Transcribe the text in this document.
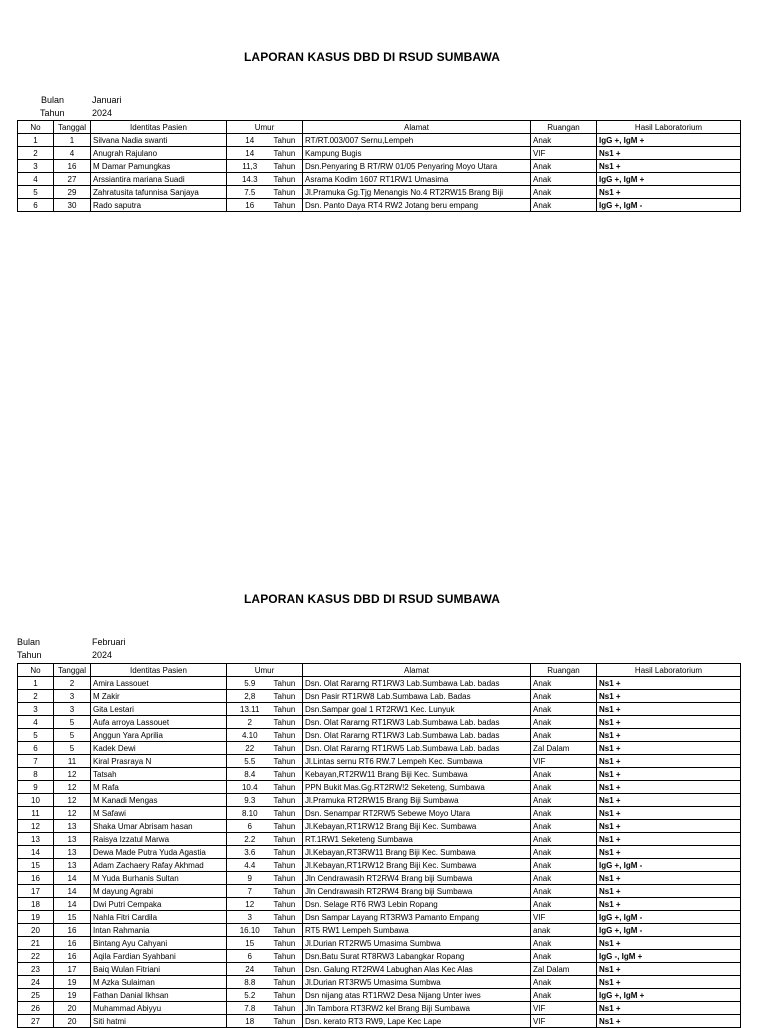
LAPORAN KASUS DBD DI RSUD SUMBAWA
Bulan	Januari
Tahun	2024
No	Tanggal	Identitas Pasien	Umur		Alamat	Ruangan	Hasil Laboratorium
1	1	Silvana Nadia swanti	14	Tahun	RT/RT.003/007 Sernu,Lempeh	Anak	IgG +, IgM +
2	4	Anugrah Rajulano	14	Tahun	Kampung Bugis	VIF	Ns1 +
3	16	M Damar Pamungkas	11,3	Tahun	Dsn.Penyaring B RT/RW 01/05 Penyaring Moyo Utara	Anak	Ns1 +
4	27	Arssiantira mariana Suadi	14.3	Tahun	Asrama Kodim 1607 RT1RW1 Umasima	Anak	IgG +, IgM +
5	29	Zahratusita tafunnisa Sanjaya	7.5	Tahun	Jl.Pramuka Gg.Tjg Menangis No.4 RT2RW15 Brang Biji	Anak	Ns1 +
6	30	Rado saputra	16	Tahun	Dsn. Panto Daya RT4 RW2 Jotang beru empang	Anak	IgG +, IgM -
LAPORAN KASUS DBD DI RSUD SUMBAWA
Bulan	Februari
Tahun	2024
No	Tanggal	Identitas Pasien	Umur		Alamat	Ruangan	Hasil Laboratorium
1	2	Amira Lassouet	5.9	Tahun	Dsn. Olat Rararng RT1RW3 Lab.Sumbawa Lab. badas	Anak	Ns1 +
2	3	M Zakir	2,8	Tahun	Dsn Pasir RT1RW8 Lab.Sumbawa Lab. Badas	Anak	Ns1 +
3	3	Gita Lestari	13.11	Tahun	Dsn.Sampar goal 1 RT2RW1 Kec. Lunyuk	Anak	Ns1 +
4	5	Aufa arroya Lassouet	2	Tahun	Dsn. Olat Rararng RT1RW3 Lab.Sumbawa Lab. badas	Anak	Ns1 +
5	5	Anggun Yara Aprilia	4.10	Tahun	Dsn. Olat Rararng RT1RW3 Lab.Sumbawa Lab. badas	Anak	Ns1 +
6	5	Kadek Dewi	22	Tahun	Dsn. Olat Rararng RT1RW5 Lab.Sumbawa Lab. badas	Zal Dalam	Ns1 +
7	11	Kiral Prasraya N	5.5	Tahun	Jl.Lintas sernu RT6 RW.7 Lempeh Kec. Sumbawa	VIF	Ns1 +
8	12	Tatsah	8.4	Tahun	Kebayan,RT2RW11 Brang Biji Kec. Sumbawa	Anak	Ns1 +
9	12	M Rafa	10.4	Tahun	PPN Bukit Mas.Gg.RT2RW!2 Seketeng, Sumbawa	Anak	Ns1 +
10	12	M Kanadi Mengas	9.3	Tahun	Jl.Pramuka RT2RW15 Brang Biji Sumbawa	Anak	Ns1 +
11	12	M Safawi	8.10	Tahun	Dsn. Senampar RT2RW5 Sebewe Moyo Utara	Anak	Ns1 +
12	13	Shaka Umar Abrisam hasan	6	Tahun	Jl.Kebayan,RT1RW12 Brang Biji Kec. Sumbawa	Anak	Ns1 +
13	13	Raisya Izzatul Marwa	2.2	Tahun	RT.1RW1 Seketeng Sumbawa	Anak	Ns1 +
14	13	Dewa Made Putra Yuda Agastia	3.6	Tahun	Jl.Kebayan,RT3RW11 Brang Biji Kec. Sumbawa	Anak	Ns1 +
15	13	Adam Zachaery Rafay Akhmad	4.4	Tahun	Jl.Kebayan,RT1RW12 Brang Biji Kec. Sumbawa	Anak	IgG +, IgM -
16	14	M Yuda Burhanis Sultan	9	Tahun	Jln Cendrawasih RT2RW4 Brang biji Sumbawa	Anak	Ns1 +
17	14	M dayung Agrabi	7	Tahun	Jln Cendrawasih RT2RW4 Brang biji Sumbawa	Anak	Ns1 +
18	14	Dwi Putri Cempaka	12	Tahun	Dsn. Selage RT6 RW3 Lebin Ropang	Anak	Ns1 +
19	15	Nahla Fitri Cardila	3	Tahun	Dsn Sampar Layang RT3RW3 Pamanto Empang	VIF	IgG +, IgM -
20	16	Intan Rahmania	16.10	Tahun	RT5 RW1 Lempeh Sumbawa	anak	IgG +, IgM -
21	16	Bintang Ayu Cahyani	15	Tahun	Jl.Durian RT2RW5 Umasima Sumbwa	Anak	Ns1 +
22	16	Aqila Fardian Syahbani	6	Tahun	Dsn.Batu Surat RT8RW3 Labangkar Ropang	Anak	IgG -, IgM +
23	17	Baiq Wulan Fitriani	24	Tahun	Dsn. Galung RT2RW4 Labughan Alas Kec Alas	Zal Dalam	Ns1 +
24	19	M Azka Sulaiman	8.8	Tahun	Jl.Durian RT3RW5 Umasima Sumbwa	Anak	Ns1 +
25	19	Fathan Danial Ikhsan	5.2	Tahun	Dsn nijang atas RT1RW2 Desa Nijang Unter iwes	Anak	IgG +, IgM +
26	20	Muhammad Abiyyu	7.8	Tahun	Jln Tambora RT3RW2 kel Brang Biji Sumbawa	VIF	Ns1 +
27	20	Siti hatmi	18	Tahun	Dsn. kerato RT3 RW9, Lape Kec Lape	VIF	Ns1 +
